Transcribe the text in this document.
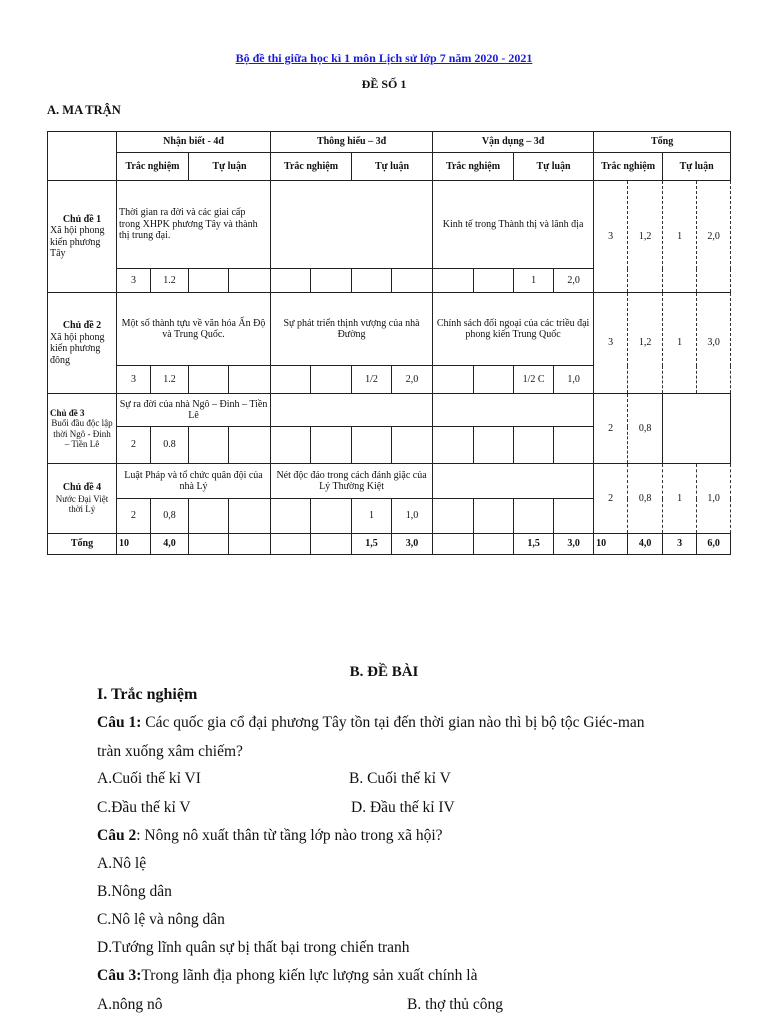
Bộ đề thi giữa học kì 1 môn Lịch sử lớp 7 năm 2020 - 2021
ĐỀ SỐ 1
A. MA TRẬN
	Nhận biết - 4đ				Thông hiểu – 3đ				Vận dụng – 3đ				Tổng			
	Trắc nghiệm		Tự luận		Trắc nghiệm		Tự luận		Trắc nghiệm		Tự luận		Trắc nghiệm		Tự luận	

Chủ đề 1
Xã hội phong kiến phương Tây	Thời gian ra đời và các giai cấp trong XHPK phương Tây và thành thị trung đại.								Kinh tế trong Thành thị và lãnh địa				3	1,2	1	2,0
	3	1.2									1	2,0				

Chủ đề 2
Xã hội phong kiến phương đông	Một số thành tựu về văn hóa Ấn Độ và Trung Quốc.				Sự phát triển thịnh vượng của nhà Đường				Chính sách đối ngoại của các triều đại phong kiến Trung Quốc				3	1,2	1	3,0
	3	1.2					1/2	2,0			1/2 C	1,0				

Chủ đề 3
Buổi đầu độc lập thời Ngô - Đinh – Tiền Lê	Sự ra đời của nhà Ngô – Đinh – Tiền Lê												2	0,8		
	2	0.8														

Chủ đề 4
Nước Đại Việt thời Lý	Luật Pháp và tổ chức quân đội của nhà Lý				Nét độc đáo trong cách đánh giặc của Lý Thường Kiệt								2	0,8	1	1,0
	2	0,8					1	1,0								
Tổng	10	4,0					1,5	3,0			1,5	3,0	10	4,0	3	6,0
B. ĐỀ BÀI
I. Trắc nghiệm
Câu 1: Các quốc gia cổ đại phương Tây tồn tại đến thời gian nào thì bị bộ tộc Giéc-man
tràn xuống xâm chiếm?
A.Cuối thế kỉ VI	B. Cuối thế kỉ V
C.Đầu thế kỉ V	D. Đầu thế kỉ IV
Câu 2: Nông nô xuất thân từ tầng lớp nào trong xã hội?
A.Nô lệ
B.Nông dân
C.Nô lệ và nông dân
D.Tướng lĩnh quân sự bị thất bại trong chiến tranh
Câu 3:Trong lãnh địa phong kiến lực lượng sản xuất chính là
A.nông nô	B. thợ thủ công
